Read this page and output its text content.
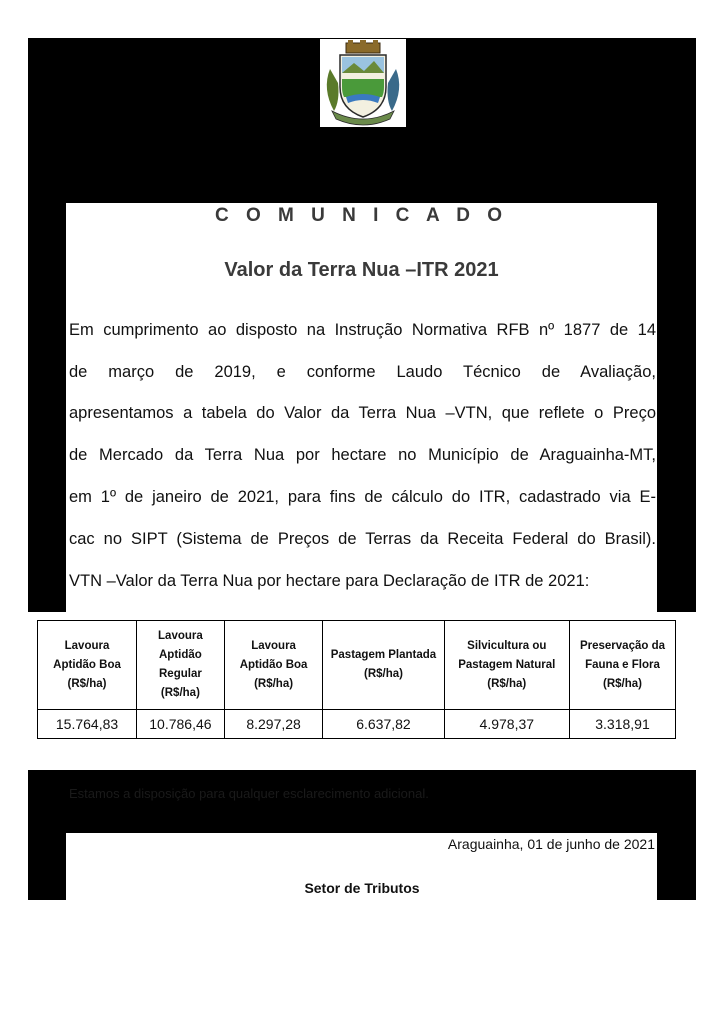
C O M U N I C A D O
Valor da Terra Nua –ITR 2021
Em cumprimento ao disposto na Instrução Normativa RFB nº 1877 de 14
de março de 2019, e conforme Laudo Técnico de Avaliação,
apresentamos a tabela do Valor da Terra Nua –VTN, que reflete o Preço
de Mercado da Terra Nua por hectare no Município de Araguainha-MT,
em 1º de janeiro de 2021, para fins de cálculo do ITR, cadastrado via E-
cac no SIPT (Sistema de Preços de Terras da Receita Federal do Brasil).
VTN –Valor da Terra Nua por hectare para Declaração de ITR de 2021:
Lavoura
Aptidão Boa
(R$/ha)	Lavoura
Aptidão Regular
(R$/ha)	Lavoura
Aptidão Boa
(R$/ha)	Pastagem Plantada
(R$/ha)	Silvicultura ou
Pastagem Natural
(R$/ha)	Preservação da
Fauna e Flora
(R$/ha)
15.764,83	10.786,46	8.297,28	6.637,82	4.978,37	3.318,91
Estamos a disposição para qualquer esclarecimento adicional.
Araguainha, 01 de junho de 2021
Setor de Tributos
